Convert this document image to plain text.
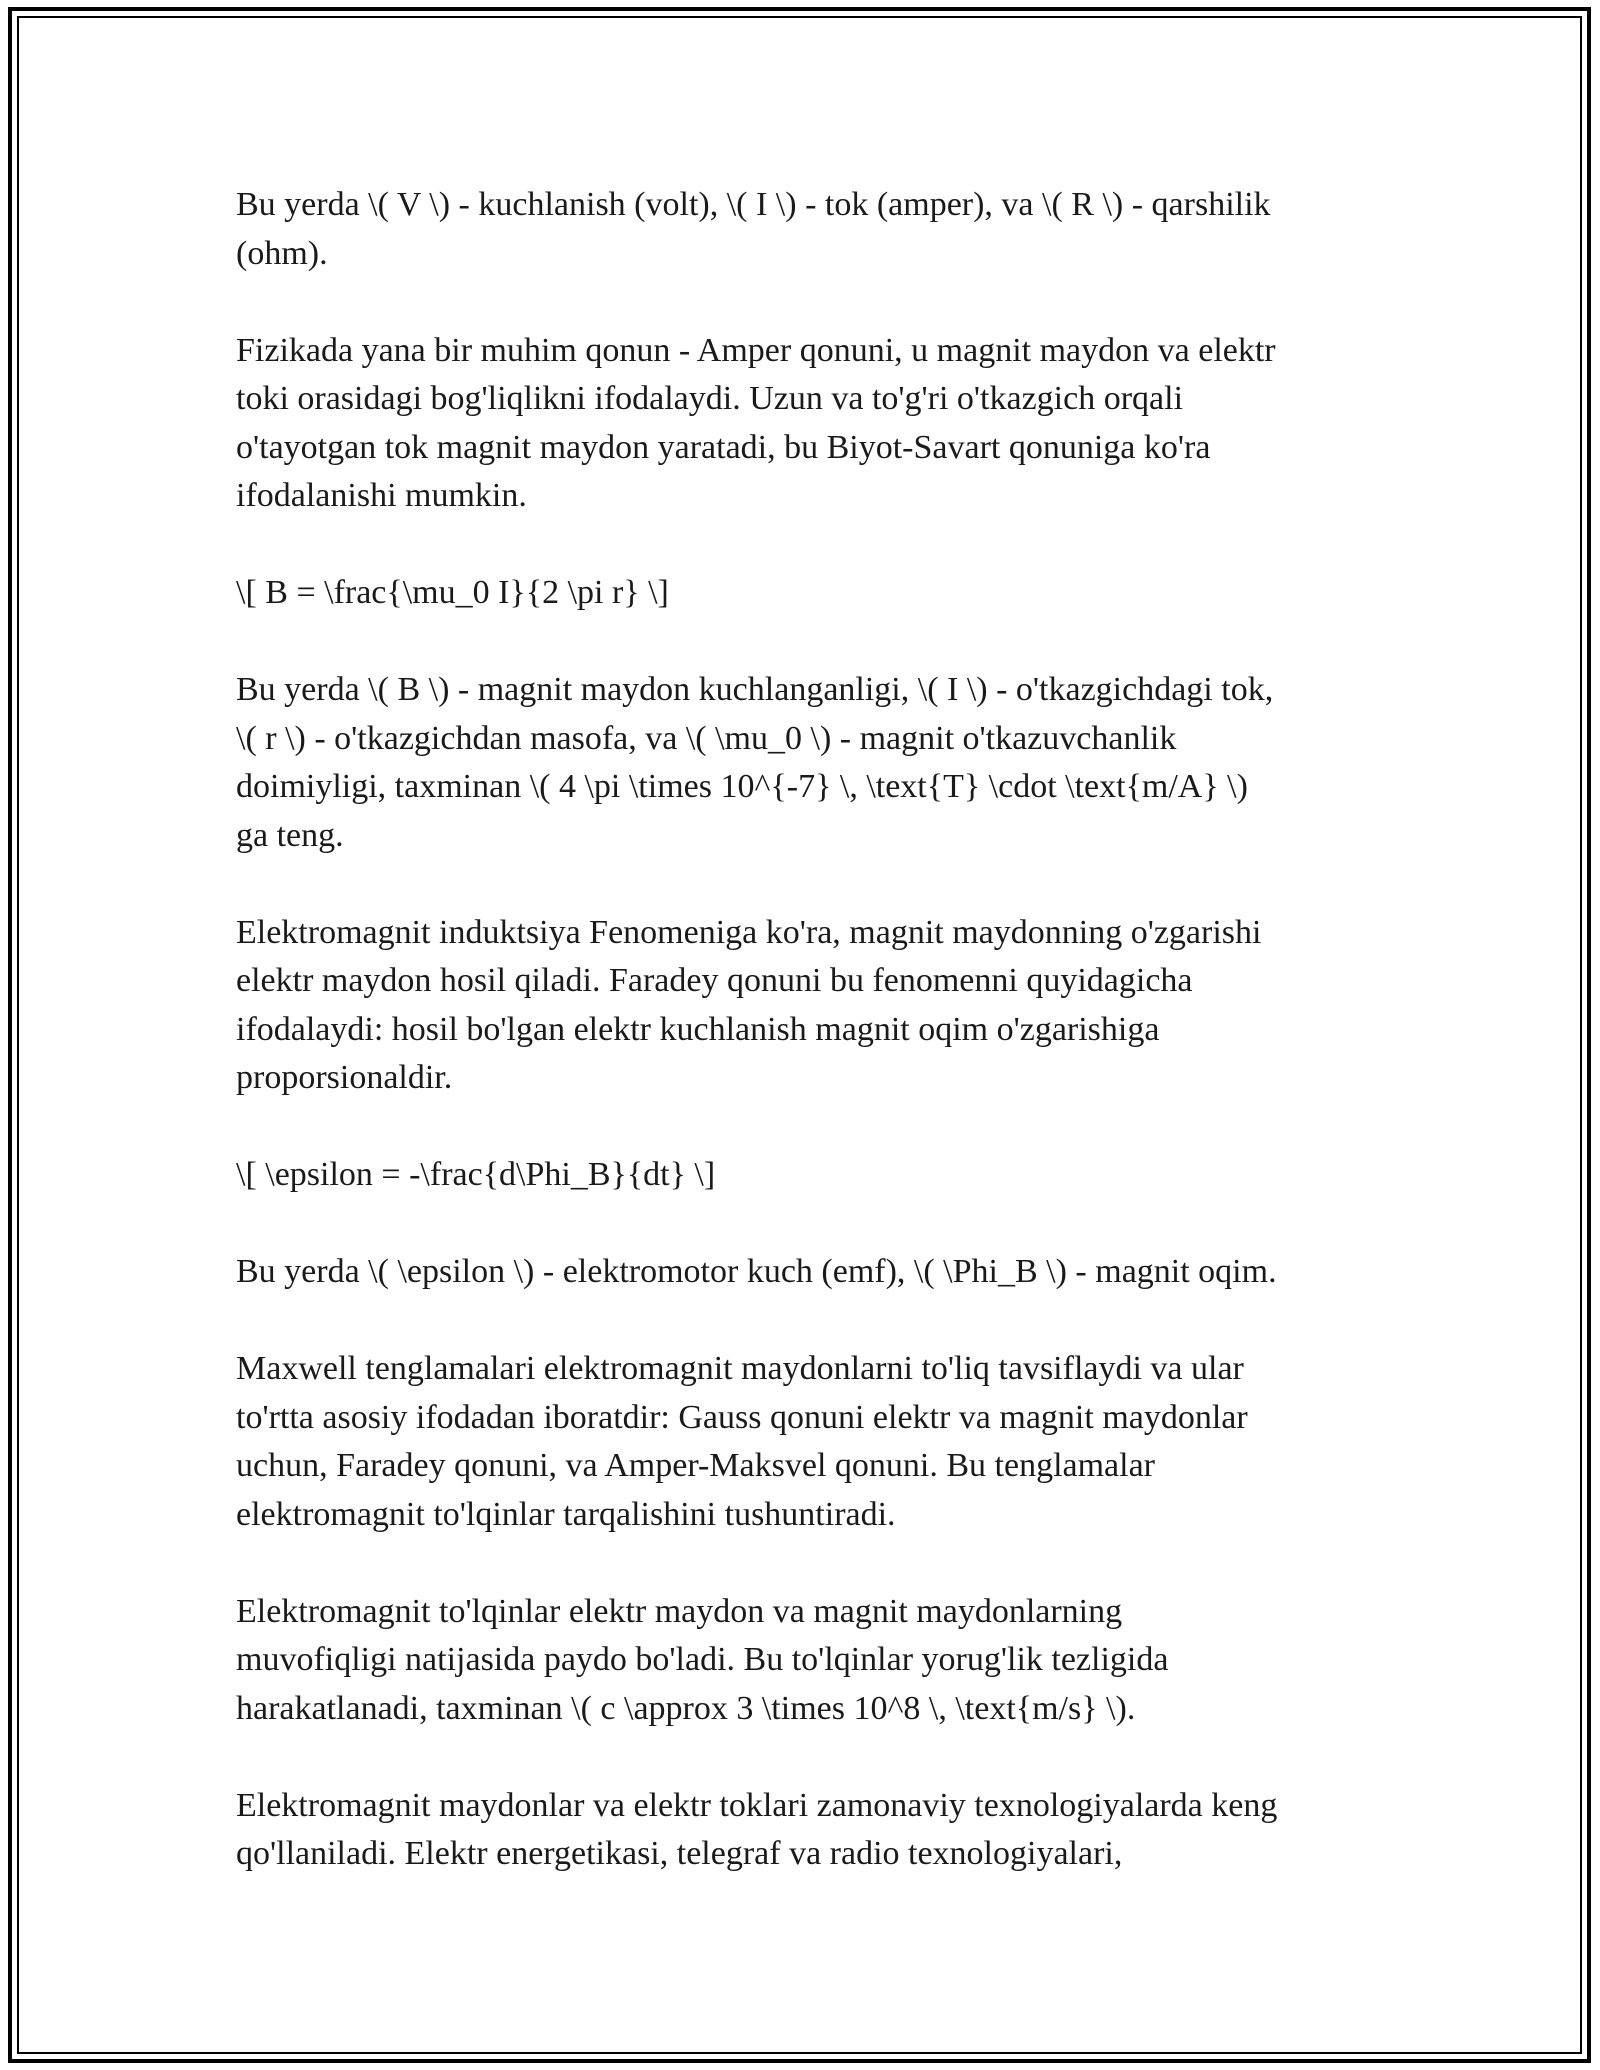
Bu yerda \( V \) - kuchlanish (volt), \( I \) - tok (amper), va \( R \) - qarshilik
(ohm).

Fizikada yana bir muhim qonun - Amper qonuni, u magnit maydon va elektr
toki orasidagi bog'liqlikni ifodalaydi. Uzun va to'g'ri o'tkazgich orqali
o'tayotgan tok magnit maydon yaratadi, bu Biyot-Savart qonuniga ko'ra
ifodalanishi mumkin.

\[ B = \frac{\mu_0 I}{2 \pi r} \]

Bu yerda \( B \) - magnit maydon kuchlanganligi, \( I \) - o'tkazgichdagi tok,
\( r \) - o'tkazgichdan masofa, va \( \mu_0 \) - magnit o'tkazuvchanlik
doimiyligi, taxminan \( 4 \pi \times 10^{-7} \, \text{T} \cdot \text{m/A} \)
ga teng.

Elektromagnit induktsiya Fenomeniga ko'ra, magnit maydonning o'zgarishi
elektr maydon hosil qiladi. Faradey qonuni bu fenomenni quyidagicha
ifodalaydi: hosil bo'lgan elektr kuchlanish magnit oqim o'zgarishiga
proporsionaldir.

\[ \epsilon = -\frac{d\Phi_B}{dt} \]

Bu yerda \( \epsilon \) - elektromotor kuch (emf), \( \Phi_B \) - magnit oqim.

Maxwell tenglamalari elektromagnit maydonlarni to'liq tavsiflaydi va ular
to'rtta asosiy ifodadan iboratdir: Gauss qonuni elektr va magnit maydonlar
uchun, Faradey qonuni, va Amper-Maksvel qonuni. Bu tenglamalar
elektromagnit to'lqinlar tarqalishini tushuntiradi.

Elektromagnit to'lqinlar elektr maydon va magnit maydonlarning
muvofiqligi natijasida paydo bo'ladi. Bu to'lqinlar yorug'lik tezligida
harakatlanadi, taxminan \( c \approx 3 \times 10^8 \, \text{m/s} \).

Elektromagnit maydonlar va elektr toklari zamonaviy texnologiyalarda keng
qo'llaniladi. Elektr energetikasi, telegraf va radio texnologiyalari,
